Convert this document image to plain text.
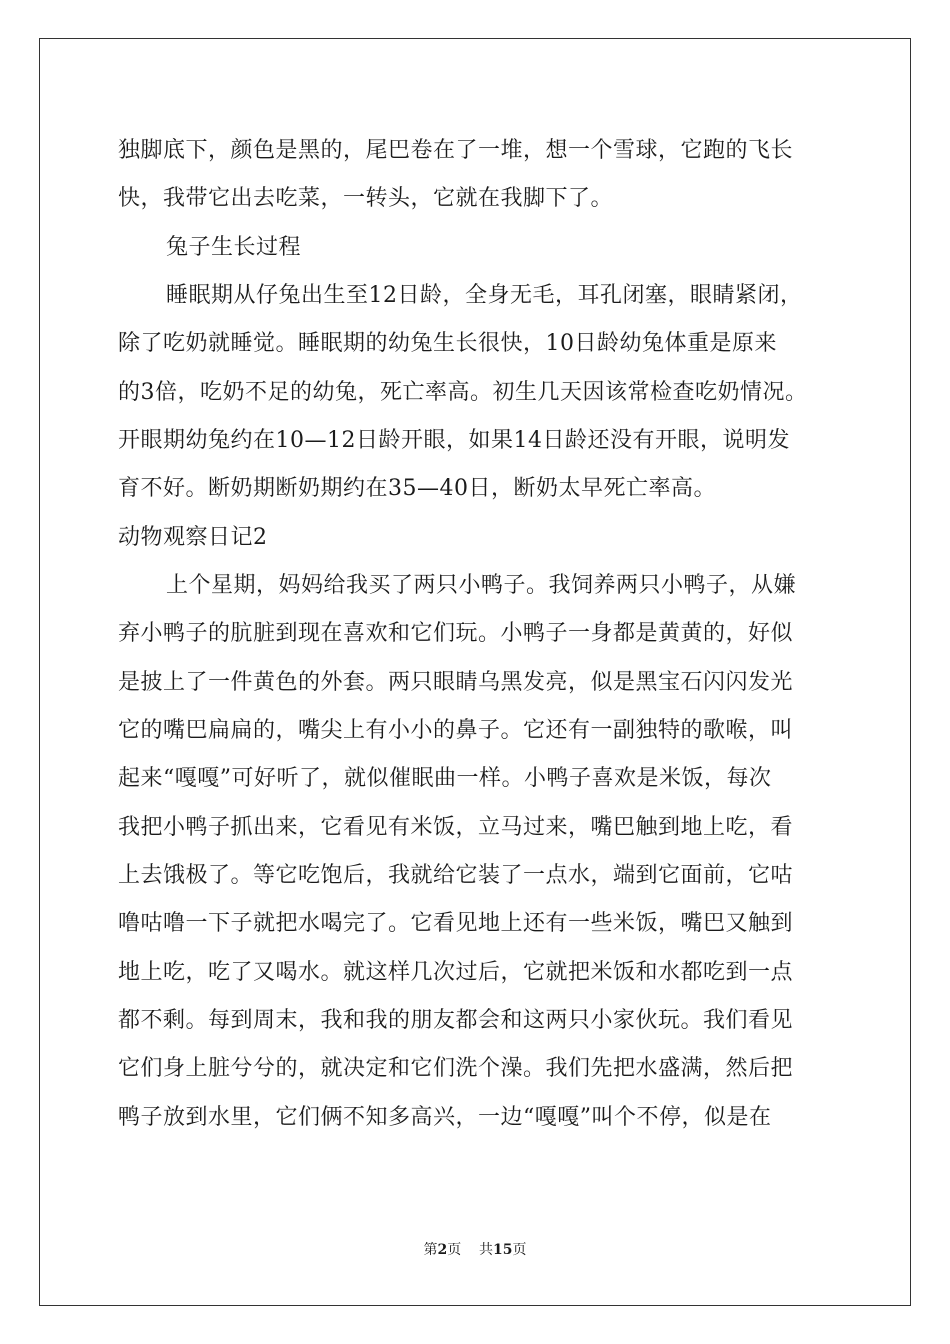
独脚底下，颜色是黑的，尾巴卷在了一堆，想一个雪球，它跑的飞长
快，我带它出去吃菜，一转头，它就在我脚下了。
兔子生长过程
睡眠期从仔兔出生至12日龄，全身无毛，耳孔闭塞，眼睛紧闭，
除了吃奶就睡觉。睡眠期的幼兔生长很快，10日龄幼兔体重是原来
的3倍，吃奶不足的幼兔，死亡率高。初生几天因该常检查吃奶情况。
开眼期幼兔约在10—12日龄开眼，如果14日龄还没有开眼，说明发
育不好。断奶期断奶期约在35—40日，断奶太早死亡率高。
动物观察日记2
上个星期，妈妈给我买了两只小鸭子。我饲养两只小鸭子，从嫌
弃小鸭子的肮脏到现在喜欢和它们玩。小鸭子一身都是黄黄的，好似
是披上了一件黄色的外套。两只眼睛乌黑发亮，似是黑宝石闪闪发光
它的嘴巴扁扁的，嘴尖上有小小的鼻子。它还有一副独特的歌喉，叫
起来“嘎嘎”可好听了，就似催眠曲一样。小鸭子喜欢是米饭，每次
我把小鸭子抓出来，它看见有米饭，立马过来，嘴巴触到地上吃，看
上去饿极了。等它吃饱后，我就给它装了一点水，端到它面前，它咕
噜咕噜一下子就把水喝完了。它看见地上还有一些米饭，嘴巴又触到
地上吃，吃了又喝水。就这样几次过后，它就把米饭和水都吃到一点
都不剩。每到周末，我和我的朋友都会和这两只小家伙玩。我们看见
它们身上脏兮兮的，就决定和它们洗个澡。我们先把水盛满，然后把
鸭子放到水里，它们俩不知多高兴，一边“嘎嘎”叫个不停，似是在
第2页 共15页
